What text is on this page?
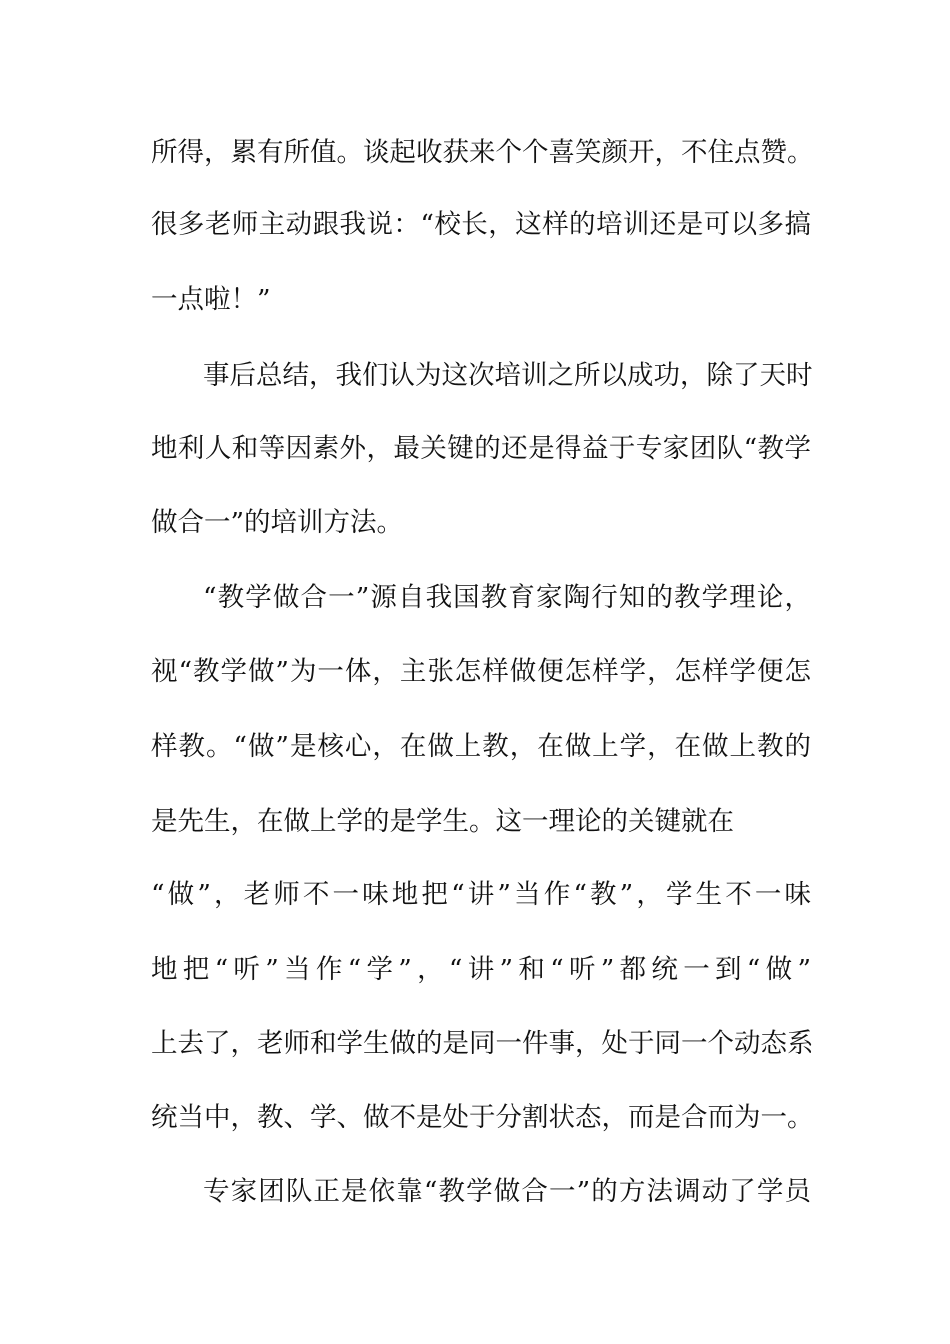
所得，累有所值。谈起收获来个个喜笑颜开，不住点赞。
很多老师主动跟我说：“校长，这样的培训还是可以多搞
一点啦！”
事后总结，我们认为这次培训之所以成功，除了天时
地利人和等因素外，最关键的还是得益于专家团队“教学
做合一”的培训方法。
“教学做合一”源自我国教育家陶行知的教学理论，
视“教学做”为一体，主张怎样做便怎样学，怎样学便怎
样教。“做”是核心，在做上教，在做上学，在做上教的
是先生，在做上学的是学生。这一理论的关键就在
“做”，老师不一味地把“讲”当作“教”，学生不一味
地把“听”当作“学”，“讲”和“听”都统一到“做”
上去了，老师和学生做的是同一件事，处于同一个动态系
统当中，教、学、做不是处于分割状态，而是合而为一。
专家团队正是依靠“教学做合一”的方法调动了学员
